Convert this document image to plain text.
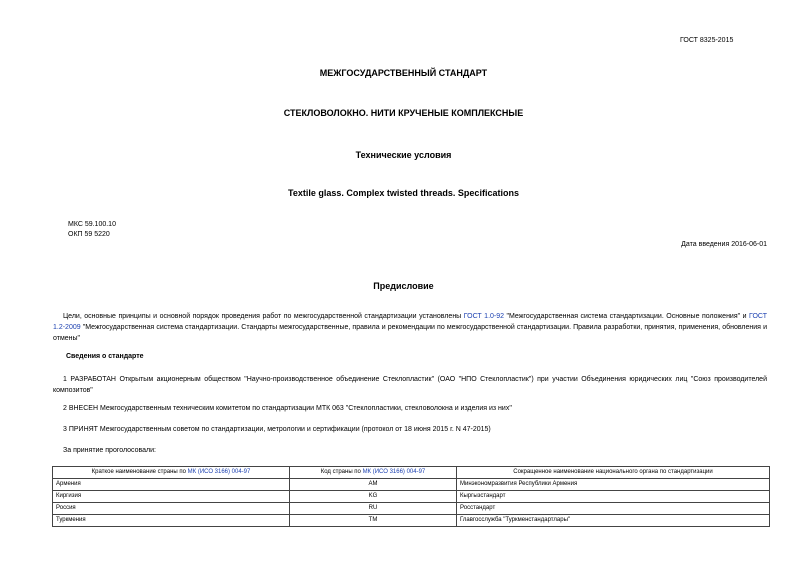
ГОСТ 8325-2015
МЕЖГОСУДАРСТВЕННЫЙ СТАНДАРТ
СТЕКЛОВОЛОКНО. НИТИ КРУЧЕНЫЕ КОМПЛЕКСНЫЕ
Технические условия
Textile glass. Complex twisted threads. Specifications
МКС 59.100.10
ОКП 59 5220
Дата введения 2016-06-01
Предисловие
Цели, основные принципы и основной порядок проведения работ по межгосударственной стандартизации установлены ГОСТ 1.0-92 "Межгосударственная система стандартизации. Основные положения" и ГОСТ 1.2-2009 "Межгосударственная система стандартизации. Стандарты межгосударственные, правила и рекомендации по межгосударственной стандартизации. Правила разработки, принятия, применения, обновления и отмены"
Сведения о стандарте
1 РАЗРАБОТАН Открытым акционерным обществом "Научно-производственное объединение Стеклопластик" (ОАО "НПО Стеклопластик") при участии Объединения юридических лиц "Союз производителей композитов"
2 ВНЕСЕН Межгосударственным техническим комитетом по стандартизации МТК 063 "Стеклопластики, стекловолокна и изделия из них"
3 ПРИНЯТ Межгосударственным советом по стандартизации, метрологии и сертификации (протокол от 18 июня 2015 г. N 47-2015)
За принятие проголосовали:
Краткое наименование страны по МК (ИСО 3166) 004-97	Код страны по МК (ИСО 3166) 004-97	Сокращенное наименование национального органа по стандартизации
Армения	AM	Минэкономразвития Республики Армения
Киргизия	KG	Кыргызстандарт
Россия	RU	Росстандарт
Туркмения	TM	Главгосслужба "Туркменстандартлары"
